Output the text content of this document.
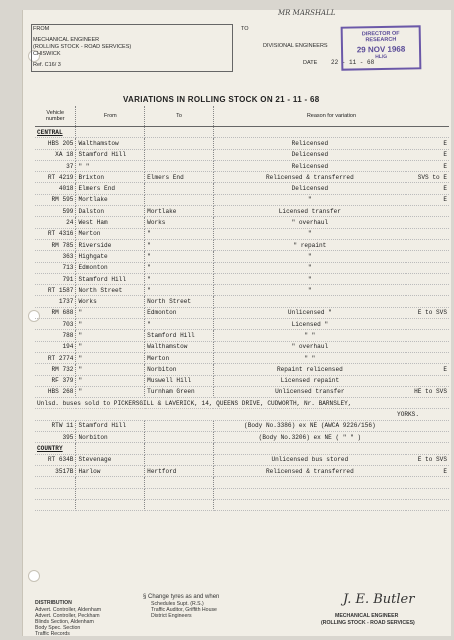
FROM
MECHANICAL ENGINEER
(ROLLING STOCK - ROAD SERVICES)
CHISWICK
Ref. C16/ 3
TO
DIVISIONAL ENGINEERS
DATE 22 - 11 - 68
MR MARSHALL
DIRECTOR OF
RESEARCH
29 NOV 1968
HL/G
VARIATIONS IN ROLLING STOCK ON 21 - 11 - 68
Vehicle number	From	To	Reason for variation	
CENTRAL				
HBS 205	Walthamstow		Relicensed	E
XA 18	Stamford Hill		Delicensed	E
37	" "		Relicensed	E
RT 4219	Brixton	Elmers End	Relicensed & transferred	SVS to E
4018	Elmers End		Delicensed	E
RM 595	Mortlake		"	E
599	Dalston	Mortlake	Licensed transfer	
24	West Ham	Works	" overhaul	
RT 4316	Merton	"	"	
RM 785	Riverside	"	" repaint	
363	Highgate	"	"	
713	Edmonton	"	"	
791	Stamford Hill	"	"	
RT 1587	North Street	"	"	
1737	Works	North Street		
RM 688	"	Edmonton	Unlicensed "	E to SVS
703	"	"	Licensed "	
788	"	Stamford Hill	" "	
194	"	Walthamstow	" overhaul	
RT 2774	"	Merton	" "	
RM 732	"	Norbiton	Repaint relicensed	E
RF 379	"	Muswell Hill	Licensed repaint	
HBS 268	"	Turnham Green	Unlicensed transfer	HE to SVS
Unlsd. buses sold to PICKERSGILL & LAVERICK, 14, QUEENS DRIVE, CUDWORTH, Nr. BARNSLEY,				
YORKS.				
RTW 11	Stamford Hill		(Body No.3386) ex NE (AWCA 9226/156)	
395	Norbiton		(Body No.3206) ex NE ( " " )	
COUNTRY				
RT 634B	Stevenage		Unlicensed bus stored	E to SVS
3517B	Harlow	Hertford	Relicensed & transferred	E

§ Change tyres as and when
DISTRIBUTION
Advert. Controller, Aldenham
Advert. Controller, Peckham
Blinds Section, Aldenham
Body Spec. Section
Traffic Records
Schedules Supt. (R.S.)
Traffic Auditor, Griffith House
District Engineers
J. E. Butler
MECHANICAL ENGINEER
(ROLLING STOCK - ROAD SERVICES)
